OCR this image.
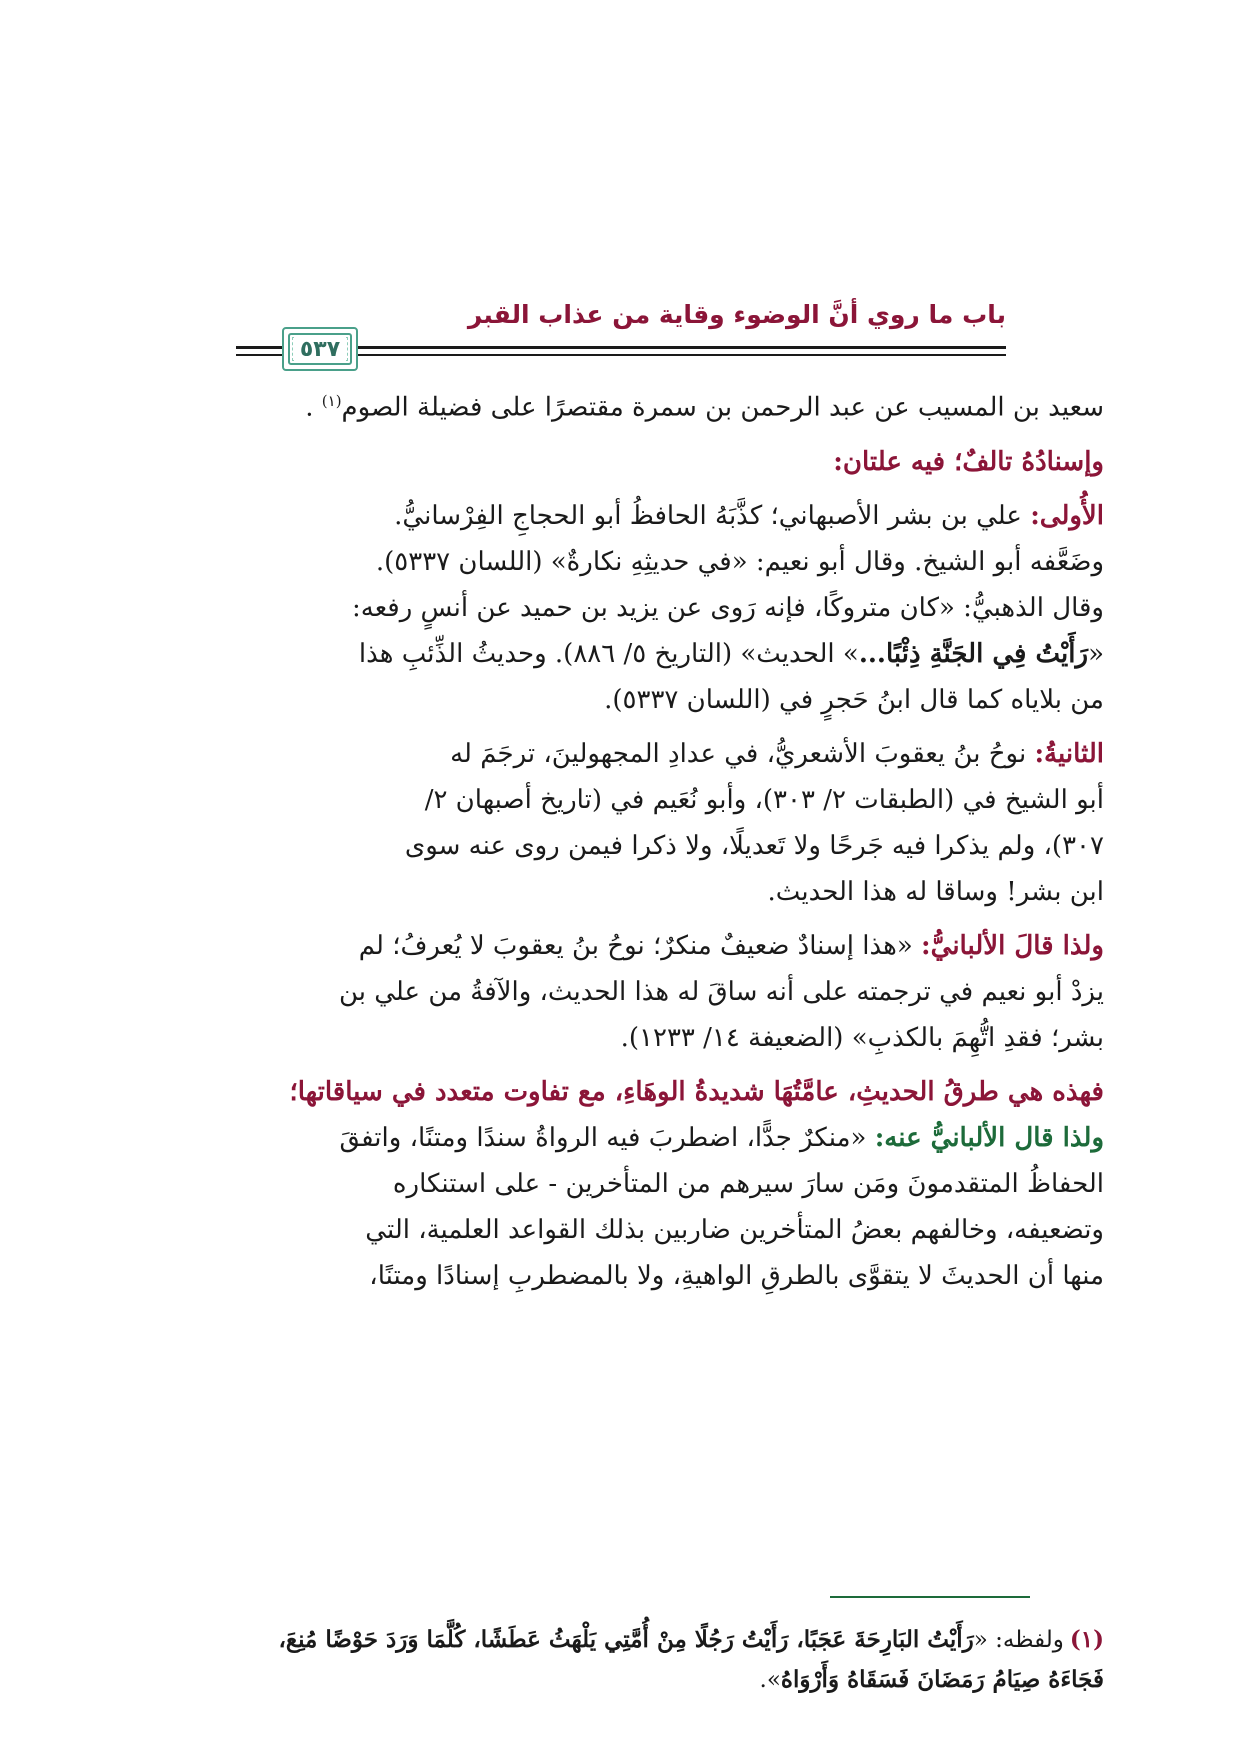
باب ما روي أنَّ الوضوء وقاية من عذاب القبر
٥٣٧
سعيد بن المسيب عن عبد الرحمن بن سمرة مقتصرًا على فضيلة الصوم$^{(١)}$ .
وإسنادُهُ تالفٌ؛ فيه علتان:
الأُولى: علي بن بشر الأصبهاني؛ كذَّبَهُ الحافظُ أبو الحجاجِ الفِرْسانيُّ.
وضَعَّفه أبو الشيخ. وقال أبو نعيم: «في حديثِهِ نكارةٌ» (اللسان ٥٣٣٧).
وقال الذهبيُّ: «كان متروكًا، فإنه رَوى عن يزيد بن حميد عن أنسٍ رفعه:
«رَأَيْتُ فِي الجَنَّةِ ذِئْبًا...» الحديث» (التاريخ ٥/ ٨٨٦). وحديثُ الذِّئبِ هذا
من بلاياه كما قال ابنُ حَجرٍ في (اللسان ٥٣٣٧).
الثانيةُ: نوحُ بنُ يعقوبَ الأشعريُّ، في عدادِ المجهولينَ، ترجَمَ له
أبو الشيخ في (الطبقات ٢/ ٣٠٣)، وأبو نُعَيم في (تاريخ أصبهان ٢/
٣٠٧)، ولم يذكرا فيه جَرحًا ولا تَعديلًا، ولا ذكرا فيمن روى عنه سوى
ابن بشر! وساقا له هذا الحديث.
ولذا قالَ الألبانيُّ: «هذا إسنادٌ ضعيفٌ منكرٌ؛ نوحُ بنُ يعقوبَ لا يُعرفُ؛ لم
يزدْ أبو نعيم في ترجمته على أنه ساقَ له هذا الحديث، والآفةُ من علي بن
بشر؛ فقدِ اتُّهِمَ بالكذبِ» (الضعيفة ١٤/ ١٢٣٣).
فهذه هي طرقُ الحديثِ، عامَّتُهَا شديدةُ الوهَاءِ، مع تفاوت متعدد في سياقاتها؛
ولذا قال الألبانيُّ عنه: «منكرٌ جدًّا، اضطربَ فيه الرواةُ سندًا ومتنًا، واتفقَ
الحفاظُ المتقدمونَ ومَن سارَ سيرهم من المتأخرين - على استنكاره
وتضعيفه، وخالفهم بعضُ المتأخرين ضاربين بذلك القواعد العلمية، التي
منها أن الحديثَ لا يتقوَّى بالطرقِ الواهيةِ، ولا بالمضطربِ إسنادًا ومتنًا،
(١)ولفظه: «رَأَيْتُ البَارِحَةَ عَجَبًا، رَأَيْتُ رَجُلًا مِنْ أُمَّتِي يَلْهَثُ عَطَشًا، كُلَّمَا وَرَدَ حَوْضًا مُنِعَ،
فَجَاءَهُ صِيَامُ رَمَضَانَ فَسَقَاهُ وَأَرْوَاهُ».
